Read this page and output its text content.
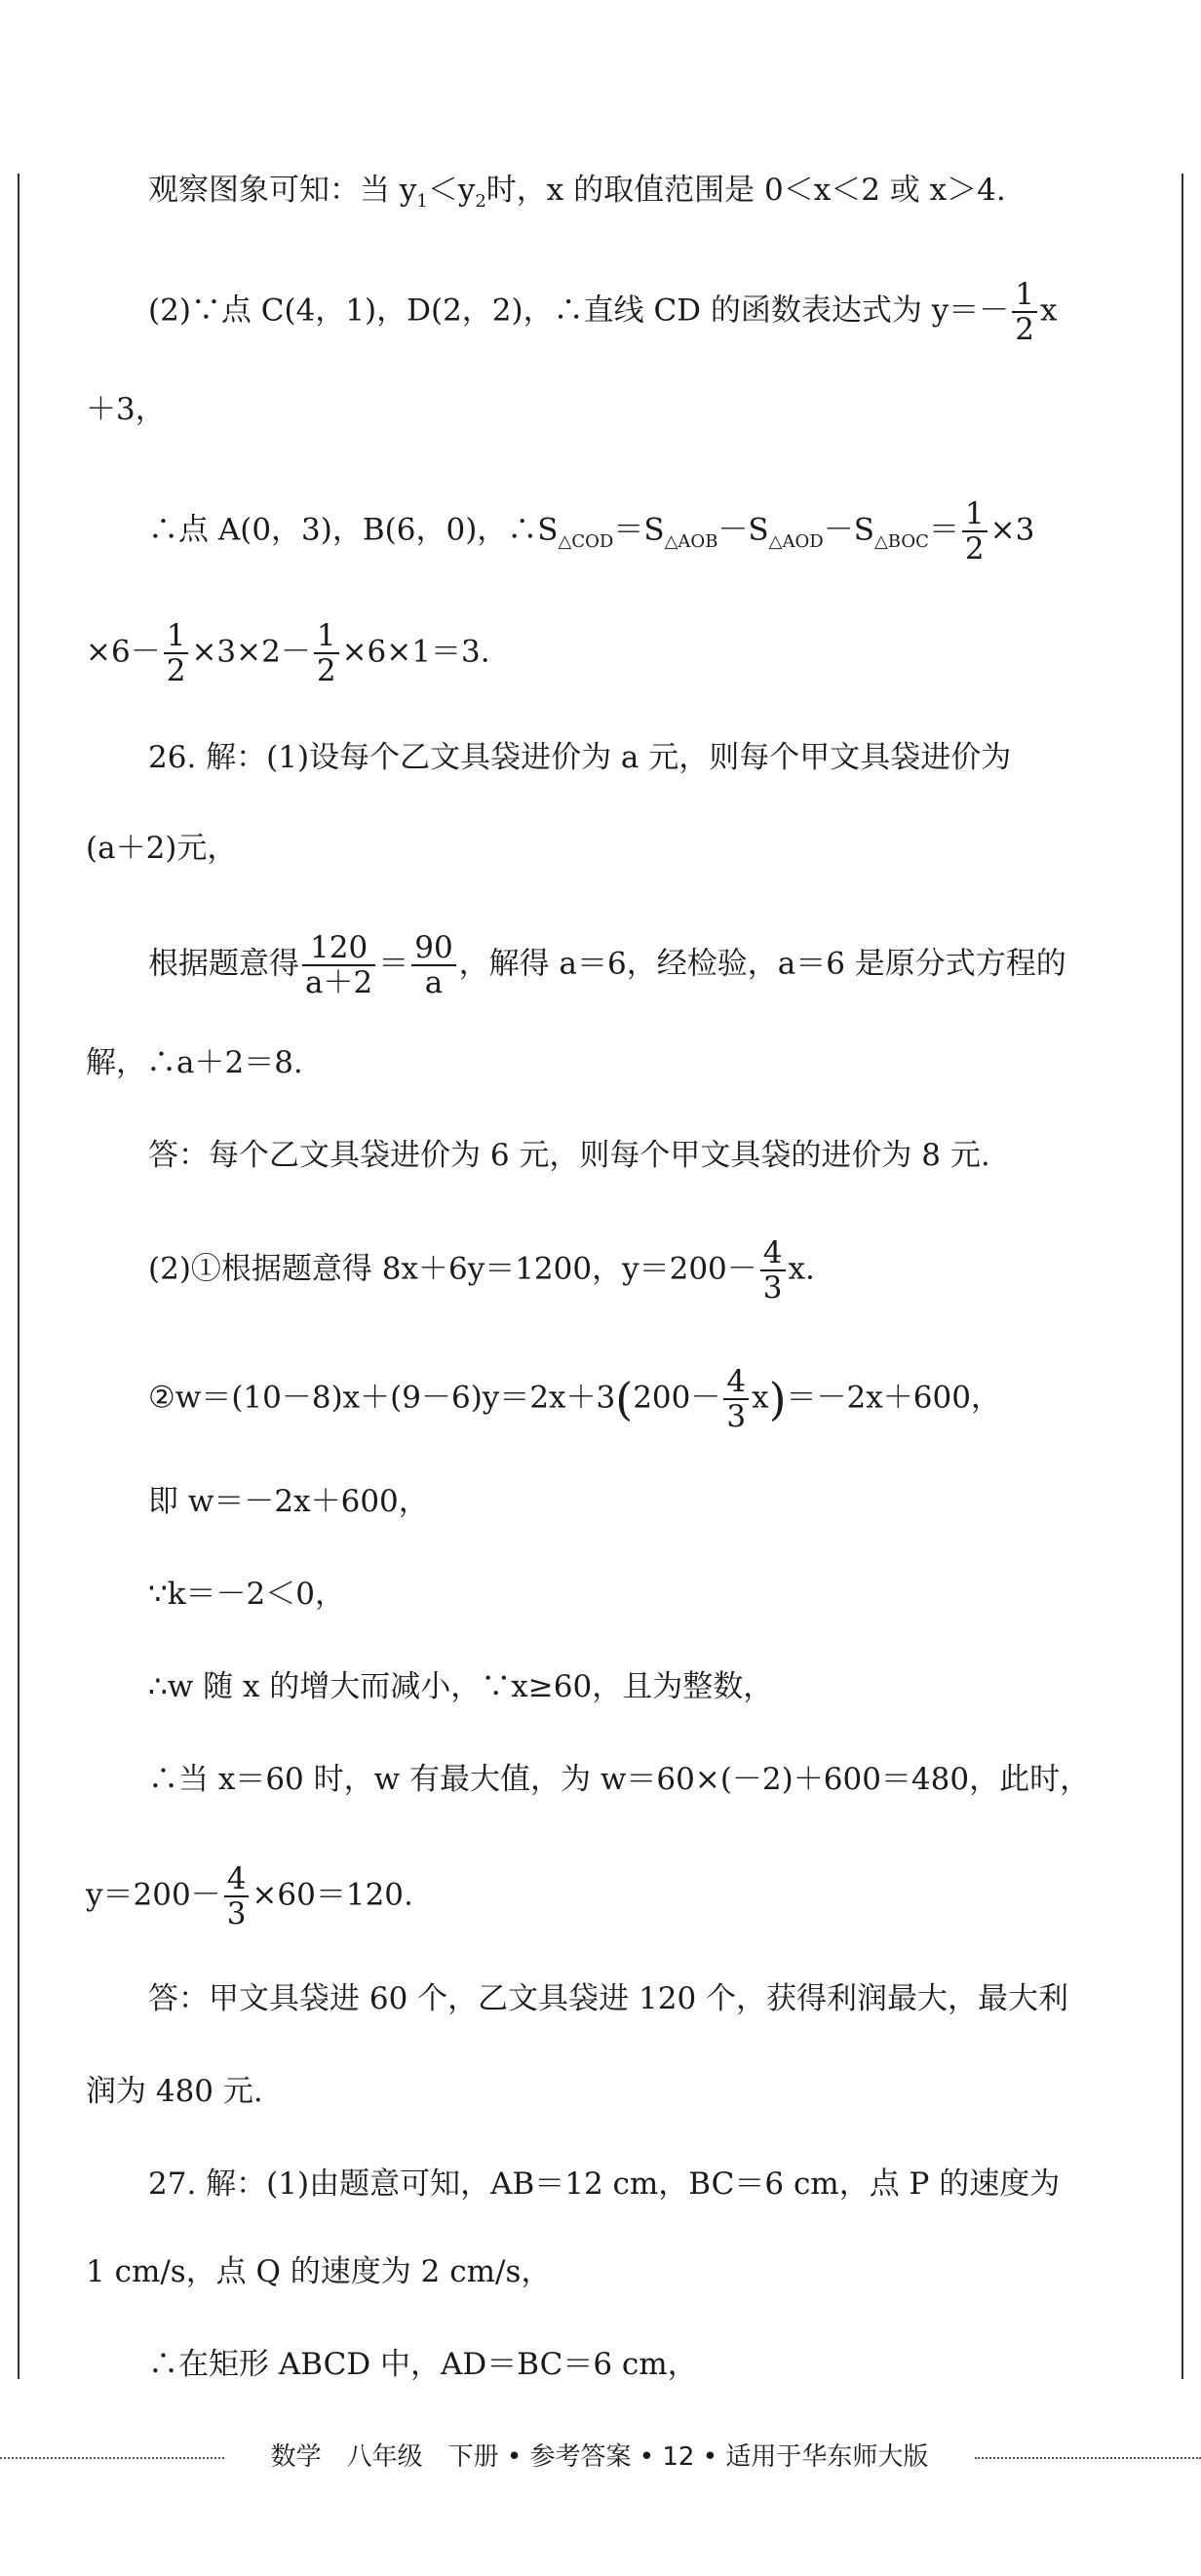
观察图象可知：当 $y_1<y_2$时，x 的取值范围是 0＜x＜2 或 x＞4.
(2)∵点 C(4，1)，D(2，2)，∴直线 CD 的函数表达式为 $y=- \frac{1}{2}$ x
＋3，
∴点 A(0，3)，B(6，0)，$\therefore S_{\triangle COD}=S_{\triangle AOB}-S_{\triangle AOD}-S_{\triangle BOC}= \frac{1}{2} \times 3$
$\times 6- \frac{1}{2} \times 3\times 2- \frac{1}{2} \times 6\times 1=3$.
26. 解：(1)设每个乙文具袋进价为 a 元，则每个甲文具袋进价为
(a＋2)元，
根据题意得 $\frac{120}{a+2} = \frac{90}{a}$ ，解得 a＝6，经检验，a＝6 是原分式方程的
解，∴a＋2＝8.
答：每个乙文具袋进价为 6 元，则每个甲文具袋的进价为 8 元.
(2)①根据题意得 8x＋6y＝1200，$y=200- \frac{4}{3} x$.
②w＝(10－8)x＋(9－6)y＝2x＋3(200－ $\frac{4}{3} x)=-2x+600$，
即 w＝－2x＋600，
∵k＝－2＜0，
∴w 随 x 的增大而减小，∵x≥60，且为整数，
∴当 x＝60 时，w 有最大值，为 w＝60×(－2)＋600＝480，此时，
$y=200- \frac{4}{3} \times 60=120$.
答：甲文具袋进 60 个，乙文具袋进 120 个，获得利润最大，最大利
润为 480 元.
27. 解：(1)由题意可知，AB＝12 cm，BC＝6 cm，点 P 的速度为
1 cm/s，点 Q 的速度为 2 cm/s，
∴在矩形 ABCD 中，AD＝BC＝6 cm，
数学　八年级　下册 • 参考答案 • 12 • 适用于华东师大版
